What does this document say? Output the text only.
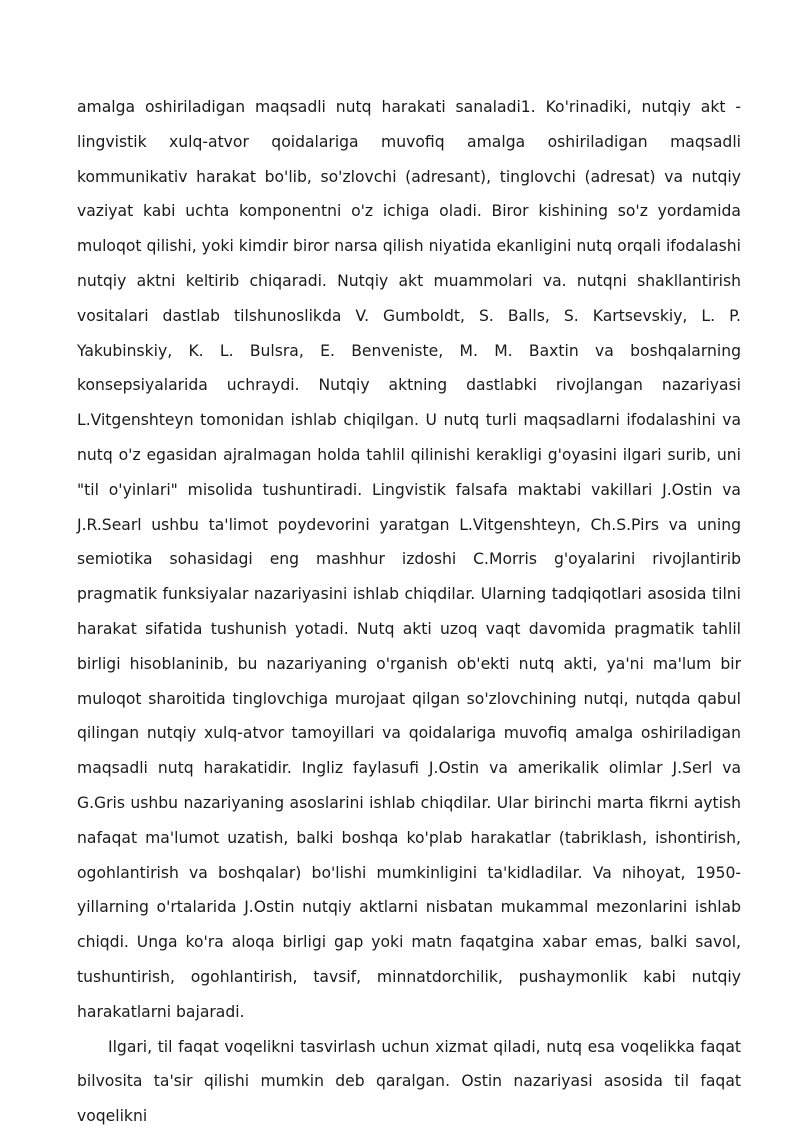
amalga oshiriladigan maqsadli nutq harakati sanaladi1. Ko'rinadiki, nutqiy akt -lingvistik xulq-atvor qoidalariga muvofiq amalga oshiriladigan maqsadli kommunikativ harakat bo'lib, so'zlovchi (adresant), tinglovchi (adresat) va nutqiy vaziyat kabi uchta komponentni o'z ichiga oladi. Biror kishining so'z yordamida muloqot qilishi, yoki kimdir biror narsa qilish niyatida ekanligini nutq orqali ifodalashi nutqiy aktni keltirib chiqaradi. Nutqiy akt muammolari va. nutqni shakllantirish vositalari dastlab tilshunoslikda V. Gumboldt, S. Balls, S. Kartsevskiy, L. P. Yakubinskiy, K. L. Bulsra, E. Benveniste, M. M. Baxtin va boshqalarning konsepsiyalarida uchraydi. Nutqiy aktning dastlabki rivojlangan nazariyasi L.Vitgenshteyn tomonidan ishlab chiqilgan. U nutq turli maqsadlarni ifodalashini va nutq o'z egasidan ajralmagan holda tahlil qilinishi kerakligi g'oyasini ilgari surib, uni "til o'yinlari" misolida tushuntiradi. Lingvistik falsafa maktabi vakillari J.Ostin va J.R.Searl ushbu ta'limot poydevorini yaratgan L.Vitgenshteyn, Ch.S.Pirs va uning semiotika sohasidagi eng mashhur izdoshi C.Morris g'oyalarini rivojlantirib pragmatik funksiyalar nazariyasini ishlab chiqdilar. Ularning tadqiqotlari asosida tilni harakat sifatida tushunish yotadi. Nutq akti uzoq vaqt davomida pragmatik tahlil birligi hisoblaninib, bu nazariyaning o'rganish ob'ekti nutq akti, ya'ni ma'lum bir muloqot sharoitida tinglovchiga murojaat qilgan so'zlovchining nutqi, nutqda qabul qilingan nutqiy xulq-atvor tamoyillari va qoidalariga muvofiq amalga oshiriladigan maqsadli nutq harakatidir. Ingliz faylasufi J.Ostin va amerikalik olimlar J.Serl va G.Gris ushbu nazariyaning asoslarini ishlab chiqdilar. Ular birinchi marta fikrni aytish nafaqat ma'lumot uzatish, balki boshqa ko'plab harakatlar (tabriklash, ishontirish, ogohlantirish va boshqalar) bo'lishi mumkinligini ta'kidladilar. Va nihoyat, 1950-yillarning o'rtalarida J.Ostin nutqiy aktlarni nisbatan mukammal mezonlarini ishlab chiqdi. Unga ko'ra aloqa birligi gap yoki matn faqatgina xabar emas, balki savol, tushuntirish, ogohlantirish, tavsif, minnatdorchilik, pushaymonlik kabi nutqiy harakatlarni bajaradi.

Ilgari, til faqat voqelikni tasvirlash uchun xizmat qiladi, nutq esa voqelikka faqat bilvosita ta'sir qilishi mumkin deb qaralgan. Ostin nazariyasi asosida til faqat voqelikni
